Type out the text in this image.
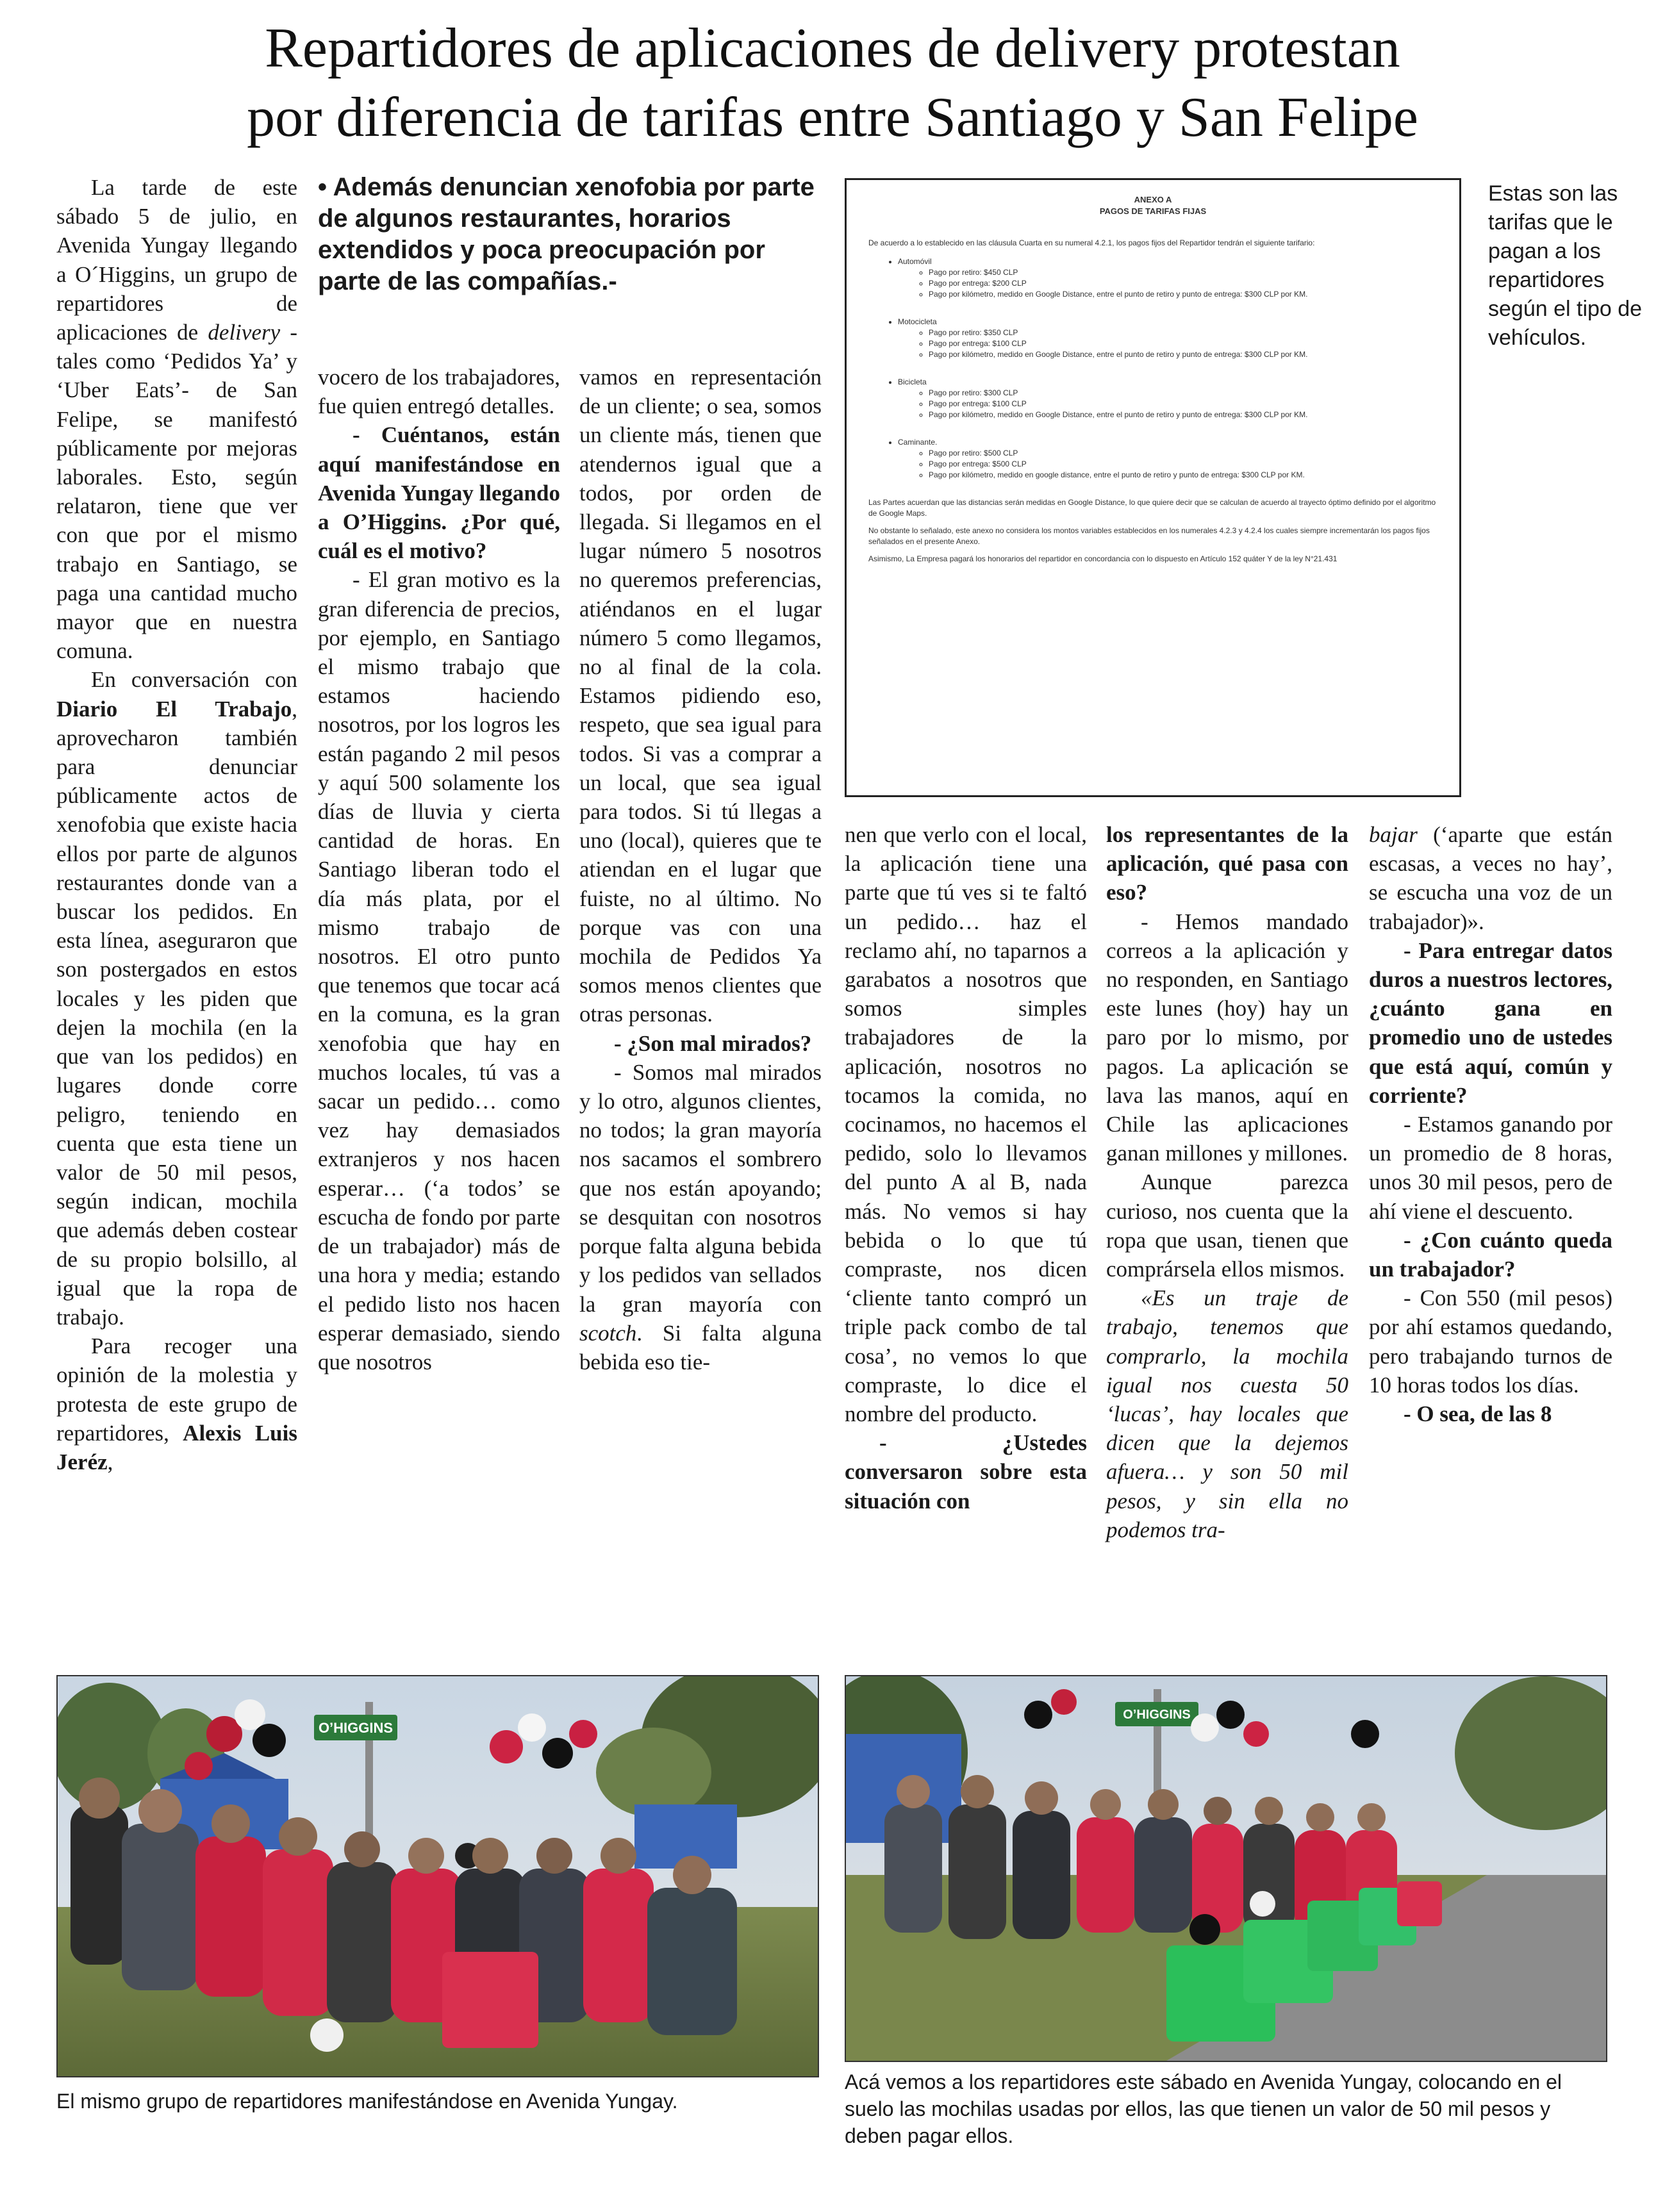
Repartidores de aplicaciones de delivery protestan
por diferencia de tarifas entre Santiago y San Felipe

La tarde de este sábado 5 de julio, en Avenida Yungay llegando a O´Higgins, un grupo de repartidores de aplicaciones de delivery -tales como ‘Pedidos Ya’ y ‘Uber Eats’- de San Felipe, se manifestó públicamente por mejoras laborales. Esto, según relataron, tiene que ver con que por el mismo trabajo en Santiago, se paga una cantidad mucho mayor que en nuestra comuna.

En conversación con Diario El Trabajo, aprovecharon también para denunciar públicamente actos de xenofobia que existe hacia ellos por parte de algunos restaurantes donde van a buscar los pedidos. En esta línea, aseguraron que son postergados en estos locales y les piden que dejen la mochila (en la que van los pedidos) en lugares donde corre peligro, teniendo en cuenta que esta tiene un valor de 50 mil pesos, según indican, mochila que además deben costear de su propio bolsillo, al igual que la ropa de trabajo.

Para recoger una opinión de la molestia y protesta de este grupo de repartidores, Alexis Luis Jeréz,

• Además denuncian xenofobia por parte de algunos restaurantes, horarios extendidos y poca preocupación por parte de las compañías.-
ANEXO A
PAGOS DE TARIFAS FIJAS

De acuerdo a lo establecido en las cláusula Cuarta en su numeral 4.2.1, los pagos fijos del Repartidor tendrán el siguiente tarifario:

• Automóvil
◦ Pago por retiro: $450 CLP
◦ Pago por entrega: $200 CLP
◦ Pago por kilómetro, medido en Google Distance, entre el punto de retiro y punto de entrega: $300 CLP por KM.
• Motocicleta
◦ Pago por retiro: $350 CLP
◦ Pago por entrega: $100 CLP
◦ Pago por kilómetro, medido en Google Distance, entre el punto de retiro y punto de entrega: $300 CLP por KM.
• Bicicleta
◦ Pago por retiro: $300 CLP
◦ Pago por entrega: $100 CLP
◦ Pago por kilómetro, medido en Google Distance, entre el punto de retiro y punto de entrega: $300 CLP por KM.
• Caminante.
◦ Pago por retiro: $500 CLP
◦ Pago por entrega: $500 CLP
◦ Pago por kilómetro, medido en google distance, entre el punto de retiro y punto de entrega: $300 CLP por KM.

Las Partes acuerdan que las distancias serán medidas en Google Distance, lo que quiere decir que se calculan de acuerdo al trayecto óptimo definido por el algoritmo de Google Maps.

No obstante lo señalado, este anexo no considera los montos variables establecidos en los numerales 4.2.3 y 4.2.4 los cuales siempre incrementarán los pagos fijos señalados en el presente Anexo.

Asimismo, La Empresa pagará los honorarios del repartidor en concordancia con lo dispuesto en Artículo 152 quáter Y de la ley N°21.431

Estas son las tarifas que le pagan a los repartidores según el tipo de vehículos.

vocero de los trabajadores, fue quien entregó detalles.

- Cuéntanos, están aquí manifestándose en Avenida Yungay llegando a O’Higgins. ¿Por qué, cuál es el motivo?

- El gran motivo es la gran diferencia de precios, por ejemplo, en Santiago el mismo trabajo que estamos haciendo nosotros, por los logros les están pagando 2 mil pesos y aquí 500 solamente los días de lluvia y cierta cantidad de horas. En Santiago liberan todo el día más plata, por el mismo trabajo de nosotros. El otro punto que tenemos que tocar acá en la comuna, es la gran xenofobia que hay en muchos locales, tú vas a sacar un pedido… como vez hay demasiados extranjeros y nos hacen esperar… (‘a todos’ se escucha de fondo por parte de un trabajador) más de una hora y media; estando el pedido listo nos hacen esperar demasiado, siendo que nosotros

vamos en representación de un cliente; o sea, somos un cliente más, tienen que atendernos igual que a todos, por orden de llegada. Si llegamos en el lugar número 5 nosotros no queremos preferencias, atiéndanos en el lugar número 5 como llegamos, no al final de la cola. Estamos pidiendo eso, respeto, que sea igual para todos. Si vas a comprar a un local, que sea igual para todos. Si tú llegas a uno (local), quieres que te atiendan en el lugar que fuiste, no al último. No porque vas con una mochila de Pedidos Ya somos menos clientes que otras personas.

- ¿Son mal mirados?

- Somos mal mirados y lo otro, algunos clientes, no todos; la gran mayoría nos sacamos el sombrero que nos están apoyando; se desquitan con nosotros porque falta alguna bebida y los pedidos van sellados la gran mayoría con scotch. Si falta alguna bebida eso tie-

nen que verlo con el local, la aplicación tiene una parte que tú ves si te faltó un pedido… haz el reclamo ahí, no taparnos a garabatos a nosotros que somos simples trabajadores de la aplicación, nosotros no tocamos la comida, no cocinamos, no hacemos el pedido, solo lo llevamos del punto A al B, nada más. No vemos si hay bebida o lo que tú compraste, nos dicen ‘cliente tanto compró un triple pack combo de tal cosa’, no vemos lo que compraste, lo dice el nombre del producto.

- ¿Ustedes conversaron sobre esta situación con

los representantes de la aplicación, qué pasa con eso?

- Hemos mandado correos a la aplicación y no responden, en Santiago este lunes (hoy) hay un paro por lo mismo, por pagos. La aplicación se lava las manos, aquí en Chile las aplicaciones ganan millones y millones.

Aunque parezca curioso, nos cuenta que la ropa que usan, tienen que comprársela ellos mismos.

«Es un traje de trabajo, tenemos que comprarlo, la mochila igual nos cuesta 50 ‘lucas’, hay locales que dicen que la dejemos afuera… y son 50 mil pesos, y sin ella no podemos tra-

bajar (‘aparte que están escasas, a veces no hay’, se escucha una voz de un trabajador)».

- Para entregar datos duros a nuestros lectores, ¿cuánto gana en promedio uno de ustedes que está aquí, común y corriente?

- Estamos ganando por un promedio de 8 horas, unos 30 mil pesos, pero de ahí viene el descuento.

- ¿Con cuánto queda un trabajador?

- Con 550 (mil pesos) por ahí estamos quedando, pero trabajando turnos de 10 horas todos los días.

- O sea, de las 8

O’HIGGINS
El mismo grupo de repartidores manifestándose en Avenida Yungay.
O’HIGGINS
Acá vemos a los repartidores este sábado en Avenida Yungay, colocando en el suelo las mochilas usadas por ellos, las que tienen un valor de 50 mil pesos y deben pagar ellos.
